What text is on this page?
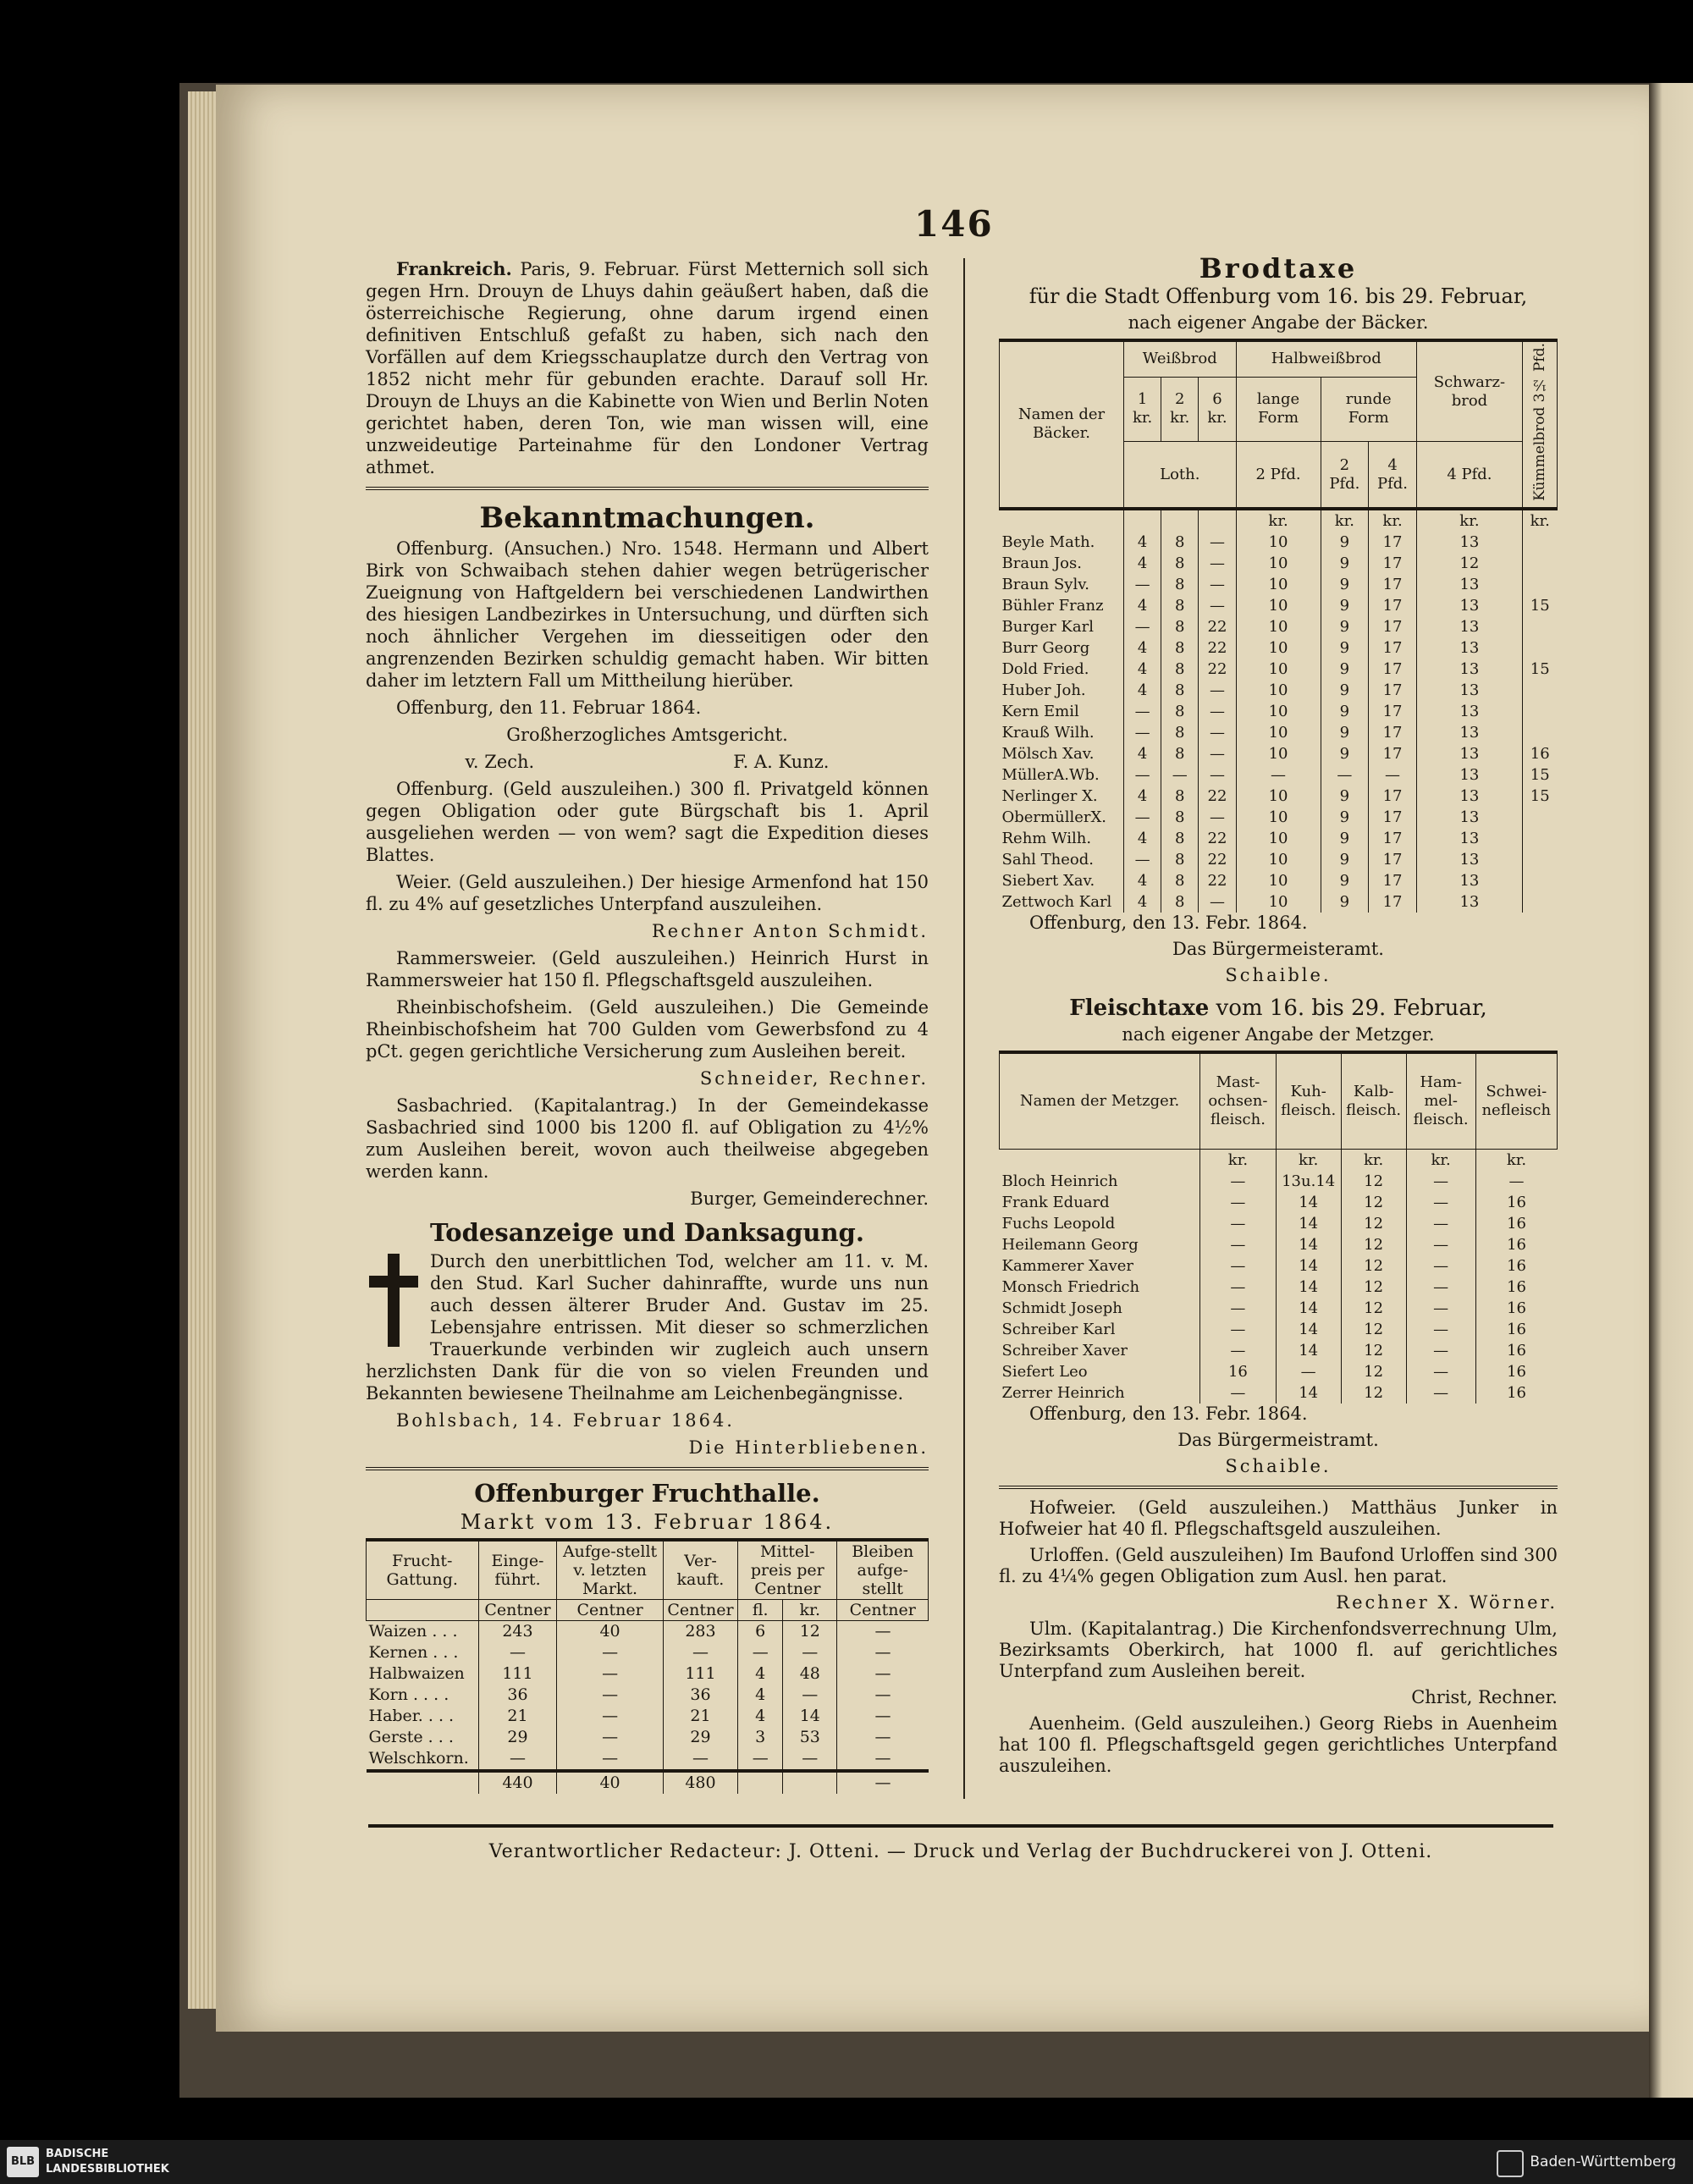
146

Frankreich. Paris, 9. Februar. Fürst Metternich soll sich gegen Hrn. Drouyn de Lhuys dahin geäußert haben, daß die österreichische Regierung, ohne darum irgend einen definitiven Entschluß gefaßt zu haben, sich nach den Vorfällen auf dem Kriegsschauplatze durch den Vertrag von 1852 nicht mehr für gebunden erachte. Darauf soll Hr. Drouyn de Lhuys an die Kabinette von Wien und Berlin Noten gerichtet haben, deren Ton, wie man wissen will, eine unzweideutige Parteinahme für den Londoner Vertrag athmet.

Bekanntmachungen.

Offenburg. (Ansuchen.) Nro. 1548. Hermann und Albert Birk von Schwaibach stehen dahier wegen betrügerischer Zueignung von Haftgeldern bei verschiedenen Landwirthen des hiesigen Landbezirkes in Untersuchung, und dürften sich noch ähnlicher Vergehen im diesseitigen oder den angrenzenden Bezirken schuldig gemacht haben. Wir bitten daher im letztern Fall um Mittheilung hierüber.

Offenburg, den 11. Februar 1864.

Großherzogliches Amtsgericht.

v. Zech.	F. A. Kunz.

Offenburg. (Geld auszuleihen.) 300 fl. Privatgeld können gegen Obligation oder gute Bürgschaft bis 1. April ausgeliehen werden — von wem? sagt die Expedition dieses Blattes.

Weier. (Geld auszuleihen.) Der hiesige Armenfond hat 150 fl. zu 4% auf gesetzliches Unterpfand auszuleihen.

Rechner Anton Schmidt.

Rammersweier. (Geld auszuleihen.) Heinrich Hurst in Rammersweier hat 150 fl. Pflegschaftsgeld auszuleihen.

Rheinbischofsheim. (Geld auszuleihen.) Die Gemeinde Rheinbischofsheim hat 700 Gulden vom Gewerbsfond zu 4 pCt. gegen gerichtliche Versicherung zum Ausleihen bereit.

Schneider, Rechner.

Sasbachried. (Kapitalantrag.) In der Gemeindekasse Sasbachried sind 1000 bis 1200 fl. auf Obligation zu 4½% zum Ausleihen bereit, wovon auch theilweise abgegeben werden kann.

Burger, Gemeinderechner.

Todesanzeige und Danksagung.

Durch den unerbittlichen Tod, welcher am 11. v. M. den Stud. Karl Sucher dahinraffte, wurde uns nun auch dessen älterer Bruder And. Gustav im 25. Lebensjahre entrissen. Mit dieser so schmerzlichen Trauerkunde verbinden wir zugleich auch unsern herzlichsten Dank für die von so vielen Freunden und Bekannten bewiesene Theilnahme am Leichenbegängnisse.

Bohlsbach, 14. Februar 1864.

Die Hinterbliebenen.

Offenburger Fruchthalle.

Markt vom 13. Februar 1864.

Frucht-Gattung.	Einge-führt.	Aufge-stellt v. letzten Markt.	Ver-kauft.	Mittel-preis per Centner		Bleiben aufge-stellt
	Centner	Centner	Centner	fl.	kr.	Centner
Waizen . . .	243	40	283	6	12	—
Kernen . . .	—	—	—	—	—	—
Halbwaizen	111	—	111	4	48	—
Korn . . . .	36	—	36	4	—	—
Haber. . . .	21	—	21	4	14	—
Gerste . . .	29	—	29	3	53	—
Welschkorn.	—	—	—	—	—	—
	440	40	480			—
Brodtaxe

für die Stadt Offenburg vom 16. bis 29. Februar,

nach eigener Angabe der Bäcker.

Namen der Bäcker.	Weißbrod			Halbweißbrod			Schwarz-brod	Kümmelbrod 3½ Pfd.
	1 kr.	2 kr.	6 kr.	lange Form	runde Form			
	Loth.			2 Pfd.	2 Pfd.	4 Pfd.	4 Pfd.	
				kr.	kr.	kr.	kr.	kr.
Beyle Math.	4	8	—	10	9	17	13	
Braun Jos.	4	8	—	10	9	17	12	
Braun Sylv.	—	8	—	10	9	17	13	
Bühler Franz	4	8	—	10	9	17	13	15
Burger Karl	—	8	22	10	9	17	13	
Burr Georg	4	8	22	10	9	17	13	
Dold Fried.	4	8	22	10	9	17	13	15
Huber Joh.	4	8	—	10	9	17	13	
Kern Emil	—	8	—	10	9	17	13	
Krauß Wilh.	—	8	—	10	9	17	13	
Mölsch Xav.	4	8	—	10	9	17	13	16
MüllerA.Wb.	—	—	—	—	—	—	13	15
Nerlinger X.	4	8	22	10	9	17	13	15
ObermüllerX.	—	8	—	10	9	17	13	
Rehm Wilh.	4	8	22	10	9	17	13	
Sahl Theod.	—	8	22	10	9	17	13	
Siebert Xav.	4	8	22	10	9	17	13	
Zettwoch Karl	4	8	—	10	9	17	13	

Offenburg, den 13. Febr. 1864.

Das Bürgermeisteramt.

Schaible.

Fleischtaxe vom 16. bis 29. Februar,

nach eigener Angabe der Metzger.

Namen der Metzger.	Mast-ochsen-fleisch.	Kuh-fleisch.	Kalb-fleisch.	Ham-mel-fleisch.	Schwei-nefleisch
	kr.	kr.	kr.	kr.	kr.
Bloch Heinrich	—	13u.14	12	—	—
Frank Eduard	—	14	12	—	16
Fuchs Leopold	—	14	12	—	16
Heilemann Georg	—	14	12	—	16
Kammerer Xaver	—	14	12	—	16
Monsch Friedrich	—	14	12	—	16
Schmidt Joseph	—	14	12	—	16
Schreiber Karl	—	14	12	—	16
Schreiber Xaver	—	14	12	—	16
Siefert Leo	16	—	12	—	16
Zerrer Heinrich	—	14	12	—	16

Offenburg, den 13. Febr. 1864.

Das Bürgermeistramt.

Schaible.

Hofweier. (Geld auszuleihen.) Matthäus Junker in Hofweier hat 40 fl. Pflegschaftsgeld auszuleihen.

Urloffen. (Geld auszuleihen) Im Baufond Urloffen sind 300 fl. zu 4¼% gegen Obligation zum Ausl. hen parat.

Rechner X. Wörner.

Ulm. (Kapitalantrag.) Die Kirchenfondsverrechnung Ulm, Bezirksamts Oberkirch, hat 1000 fl. auf gerichtliches Unterpfand zum Ausleihen bereit.

Christ, Rechner.

Auenheim. (Geld auszuleihen.) Georg Riebs in Auenheim hat 100 fl. Pflegschaftsgeld gegen gerichtliches Unterpfand auszuleihen.

Verantwortlicher Redacteur: J. Otteni. — Druck und Verlag der Buchdruckerei von J. Otteni.
BLB
BADISCHE
LANDESBIBLIOTHEK	Baden-Württemberg
